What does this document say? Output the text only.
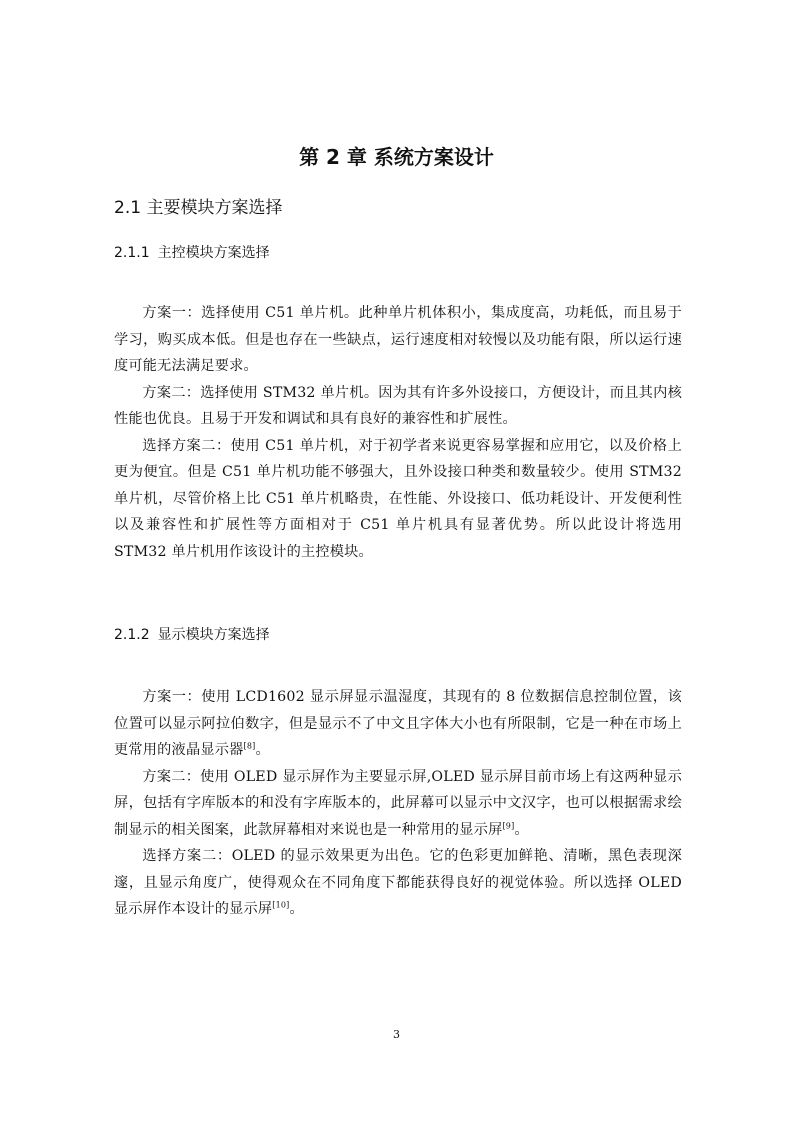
第 2 章 系统方案设计
2.1 主要模块方案选择
2.1.1 主控模块方案选择

方案一：选择使用 C51 单片机。此种单片机体积小，集成度高，功耗低，而且易于学习，购买成本低。但是也存在一些缺点，运行速度相对较慢以及功能有限，所以运行速度可能无法满足要求。

方案二：选择使用 STM32 单片机。因为其有许多外设接口，方便设计，而且其内核性能也优良。且易于开发和调试和具有良好的兼容性和扩展性。

选择方案二：使用 C51 单片机，对于初学者来说更容易掌握和应用它，以及价格上更为便宜。但是 C51 单片机功能不够强大，且外设接口种类和数量较少。使用 STM32 单片机，尽管价格上比 C51 单片机略贵，在性能、外设接口、低功耗设计、开发便利性以及兼容性和扩展性等方面相对于 C51 单片机具有显著优势。所以此设计将选用 STM32 单片机用作该设计的主控模块。

2.1.2 显示模块方案选择

方案一：使用 LCD1602 显示屏显示温湿度，其现有的 8 位数据信息控制位置，该位置可以显示阿拉伯数字，但是显示不了中文且字体大小也有所限制，它是一种在市场上更常用的液晶显示器[8]。

方案二：使用 OLED 显示屏作为主要显示屏,OLED 显示屏目前市场上有这两种显示屏，包括有字库版本的和没有字库版本的，此屏幕可以显示中文汉字，也可以根据需求绘制显示的相关图案，此款屏幕相对来说也是一种常用的显示屏[9]。

选择方案二：OLED 的显示效果更为出色。它的色彩更加鲜艳、清晰，黑色表现深邃，且显示角度广，使得观众在不同角度下都能获得良好的视觉体验。所以选择 OLED 显示屏作本设计的显示屏[10]。

3
